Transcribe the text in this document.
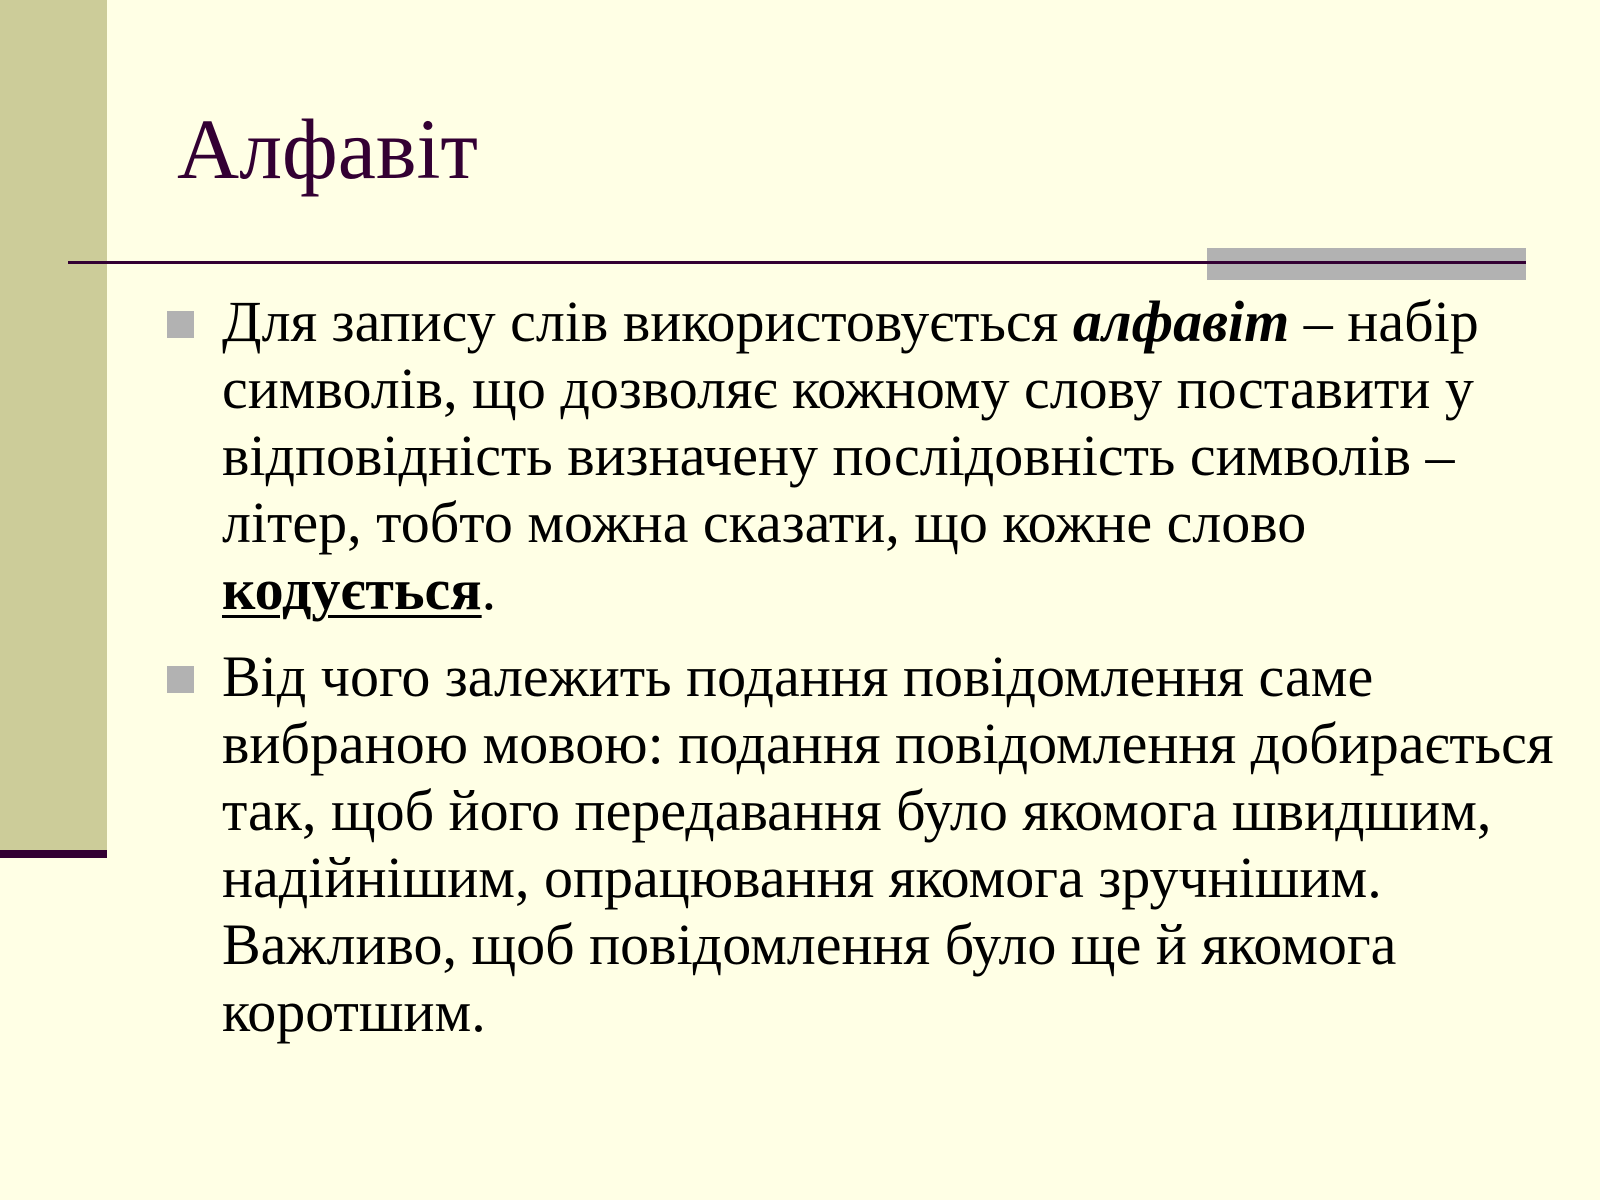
Алфавіт
Для запису слів використовується алфавіт – набір символів, що дозволяє кожному слову поставити у відповідність визначену послідовність символів – літер, тобто можна сказати, що кожне слово кодується.
Від чого залежить подання повідомлення саме вибраною мовою: подання повідомлення добирається так, щоб його передавання було якомога швидшим, надійнішим, опрацювання якомога зручнішим. Важливо, щоб повідомлення було ще й якомога коротшим.
